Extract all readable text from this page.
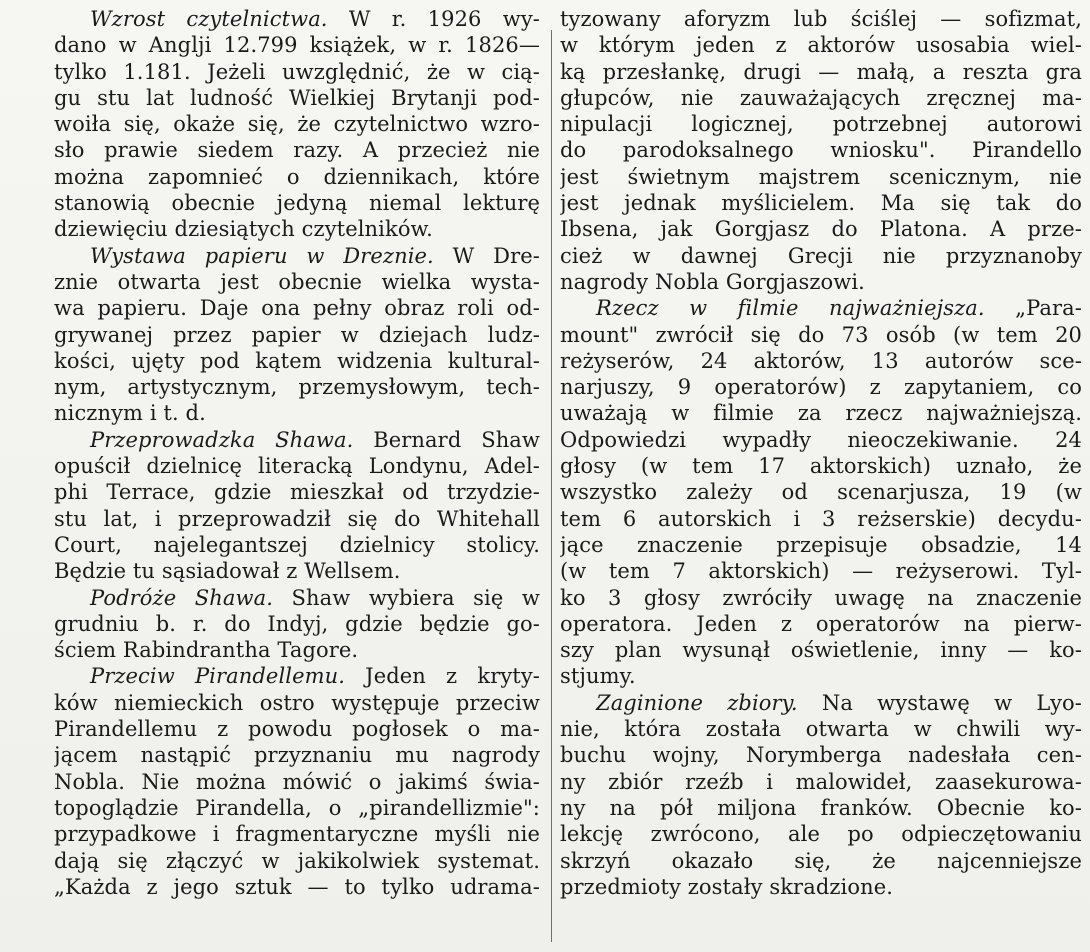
Wzrost czytelnictwa. W r. 1926 wy-
dano w Anglji 12.799 książek, w r. 1826—
tylko 1.181. Jeżeli uwzględnić, że w cią-
gu stu lat ludność Wielkiej Brytanji pod-
woiła się, okaże się, że czytelnictwo wzro-
sło prawie siedem razy. A przecież nie
można zapomnieć o dziennikach, które
stanowią obecnie jedyną niemal lekturę
dziewięciu dziesiątych czytelników.
Wystawa papieru w Dreznie. W Dre-
znie otwarta jest obecnie wielka wysta-
wa papieru. Daje ona pełny obraz roli od-
grywanej przez papier w dziejach ludz-
kości, ujęty pod kątem widzenia kultural-
nym, artystycznym, przemysłowym, tech-
nicznym i t. d.
Przeprowadzka Shawa. Bernard Shaw
opuścił dzielnicę literacką Londynu, Adel-
phi Terrace, gdzie mieszkał od trzydzie-
stu lat, i przeprowadził się do Whitehall
Court, najelegantszej dzielnicy stolicy.
Będzie tu sąsiadował z Wellsem.
Podróże Shawa. Shaw wybiera się w
grudniu b. r. do Indyj, gdzie będzie go-
ściem Rabindrantha Tagore.
Przeciw Pirandellemu. Jeden z kryty-
ków niemieckich ostro występuje przeciw
Pirandellemu z powodu pogłosek o ma-
jącem nastąpić przyznaniu mu nagrody
Nobla. Nie można mówić o jakimś świa-
topoglądzie Pirandella, o „pirandellizmie":
przypadkowe i fragmentaryczne myśli nie
dają się złączyć w jakikolwiek systemat.
„Każda z jego sztuk — to tylko udrama-
tyzowany aforyzm lub ściślej — sofizmat,
w którym jeden z aktorów usosabia wiel-
ką przesłankę, drugi — małą, a reszta gra
głupców, nie zauważających zręcznej ma-
nipulacji logicznej, potrzebnej autorowi
do parodoksalnego wniosku". Pirandello
jest świetnym majstrem scenicznym, nie
jest jednak myślicielem. Ma się tak do
Ibsena, jak Gorgjasz do Platona. A prze-
cież w dawnej Grecji nie przyznanoby
nagrody Nobla Gorgjaszowi.
Rzecz w filmie najważniejsza. „Para-
mount" zwrócił się do 73 osób (w tem 20
reżyserów, 24 aktorów, 13 autorów sce-
narjuszy, 9 operatorów) z zapytaniem, co
uważają w filmie za rzecz najważniejszą.
Odpowiedzi wypadły nieoczekiwanie. 24
głosy (w tem 17 aktorskich) uznało, że
wszystko zależy od scenarjusza, 19 (w
tem 6 autorskich i 3 reżserskie) decydu-
jące znaczenie przepisuje obsadzie, 14
(w tem 7 aktorskich) — reżyserowi. Tyl-
ko 3 głosy zwróciły uwagę na znaczenie
operatora. Jeden z operatorów na pierw-
szy plan wysunął oświetlenie, inny — ko-
stjumy.
Zaginione zbiory. Na wystawę w Lyo-
nie, która została otwarta w chwili wy-
buchu wojny, Norymberga nadesłała cen-
ny zbiór rzeźb i malowideł, zaasekurowa-
ny na pół miljona franków. Obecnie ko-
lekcję zwrócono, ale po odpieczętowaniu
skrzyń okazało się, że najcenniejsze
przedmioty zostały skradzione.
